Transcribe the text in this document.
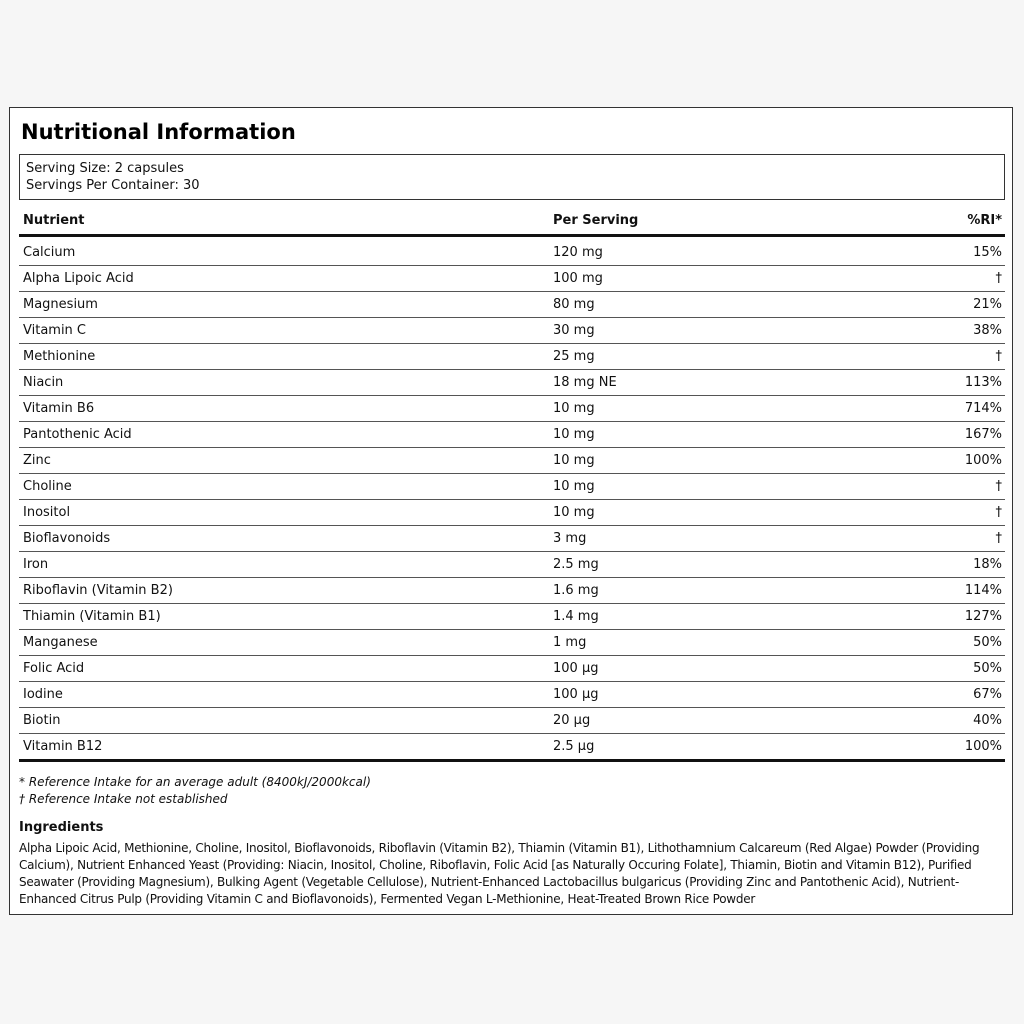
Nutritional Information
Serving Size: 2 capsules
Servings Per Container: 30
Nutrient	Per Serving	%RI*
Calcium	120 mg	15%
Alpha Lipoic Acid	100 mg	†
Magnesium	80 mg	21%
Vitamin C	30 mg	38%
Methionine	25 mg	†
Niacin	18 mg NE	113%
Vitamin B6	10 mg	714%
Pantothenic Acid	10 mg	167%
Zinc	10 mg	100%
Choline	10 mg	†
Inositol	10 mg	†
Bioflavonoids	3 mg	†
Iron	2.5 mg	18%
Riboflavin (Vitamin B2)	1.6 mg	114%
Thiamin (Vitamin B1)	1.4 mg	127%
Manganese	1 mg	50%
Folic Acid	100 µg	50%
Iodine	100 µg	67%
Biotin	20 µg	40%
Vitamin B12	2.5 µg	100%
* Reference Intake for an average adult (8400kJ/2000kcal)
† Reference Intake not established
Ingredients
Alpha Lipoic Acid, Methionine, Choline, Inositol, Bioflavonoids, Riboflavin (Vitamin B2), Thiamin (Vitamin B1), Lithothamnium Calcareum (Red Algae) Powder (Providing Calcium), Nutrient Enhanced Yeast (Providing: Niacin, Inositol, Choline, Riboflavin, Folic Acid [as Naturally Occuring Folate], Thiamin, Biotin and Vitamin B12), Purified Seawater (Providing Magnesium), Bulking Agent (Vegetable Cellulose), Nutrient-Enhanced Lactobacillus bulgaricus (Providing Zinc and Pantothenic Acid), Nutrient-Enhanced Citrus Pulp (Providing Vitamin C and Bioflavonoids), Fermented Vegan L-Methionine, Heat-Treated Brown Rice Powder
